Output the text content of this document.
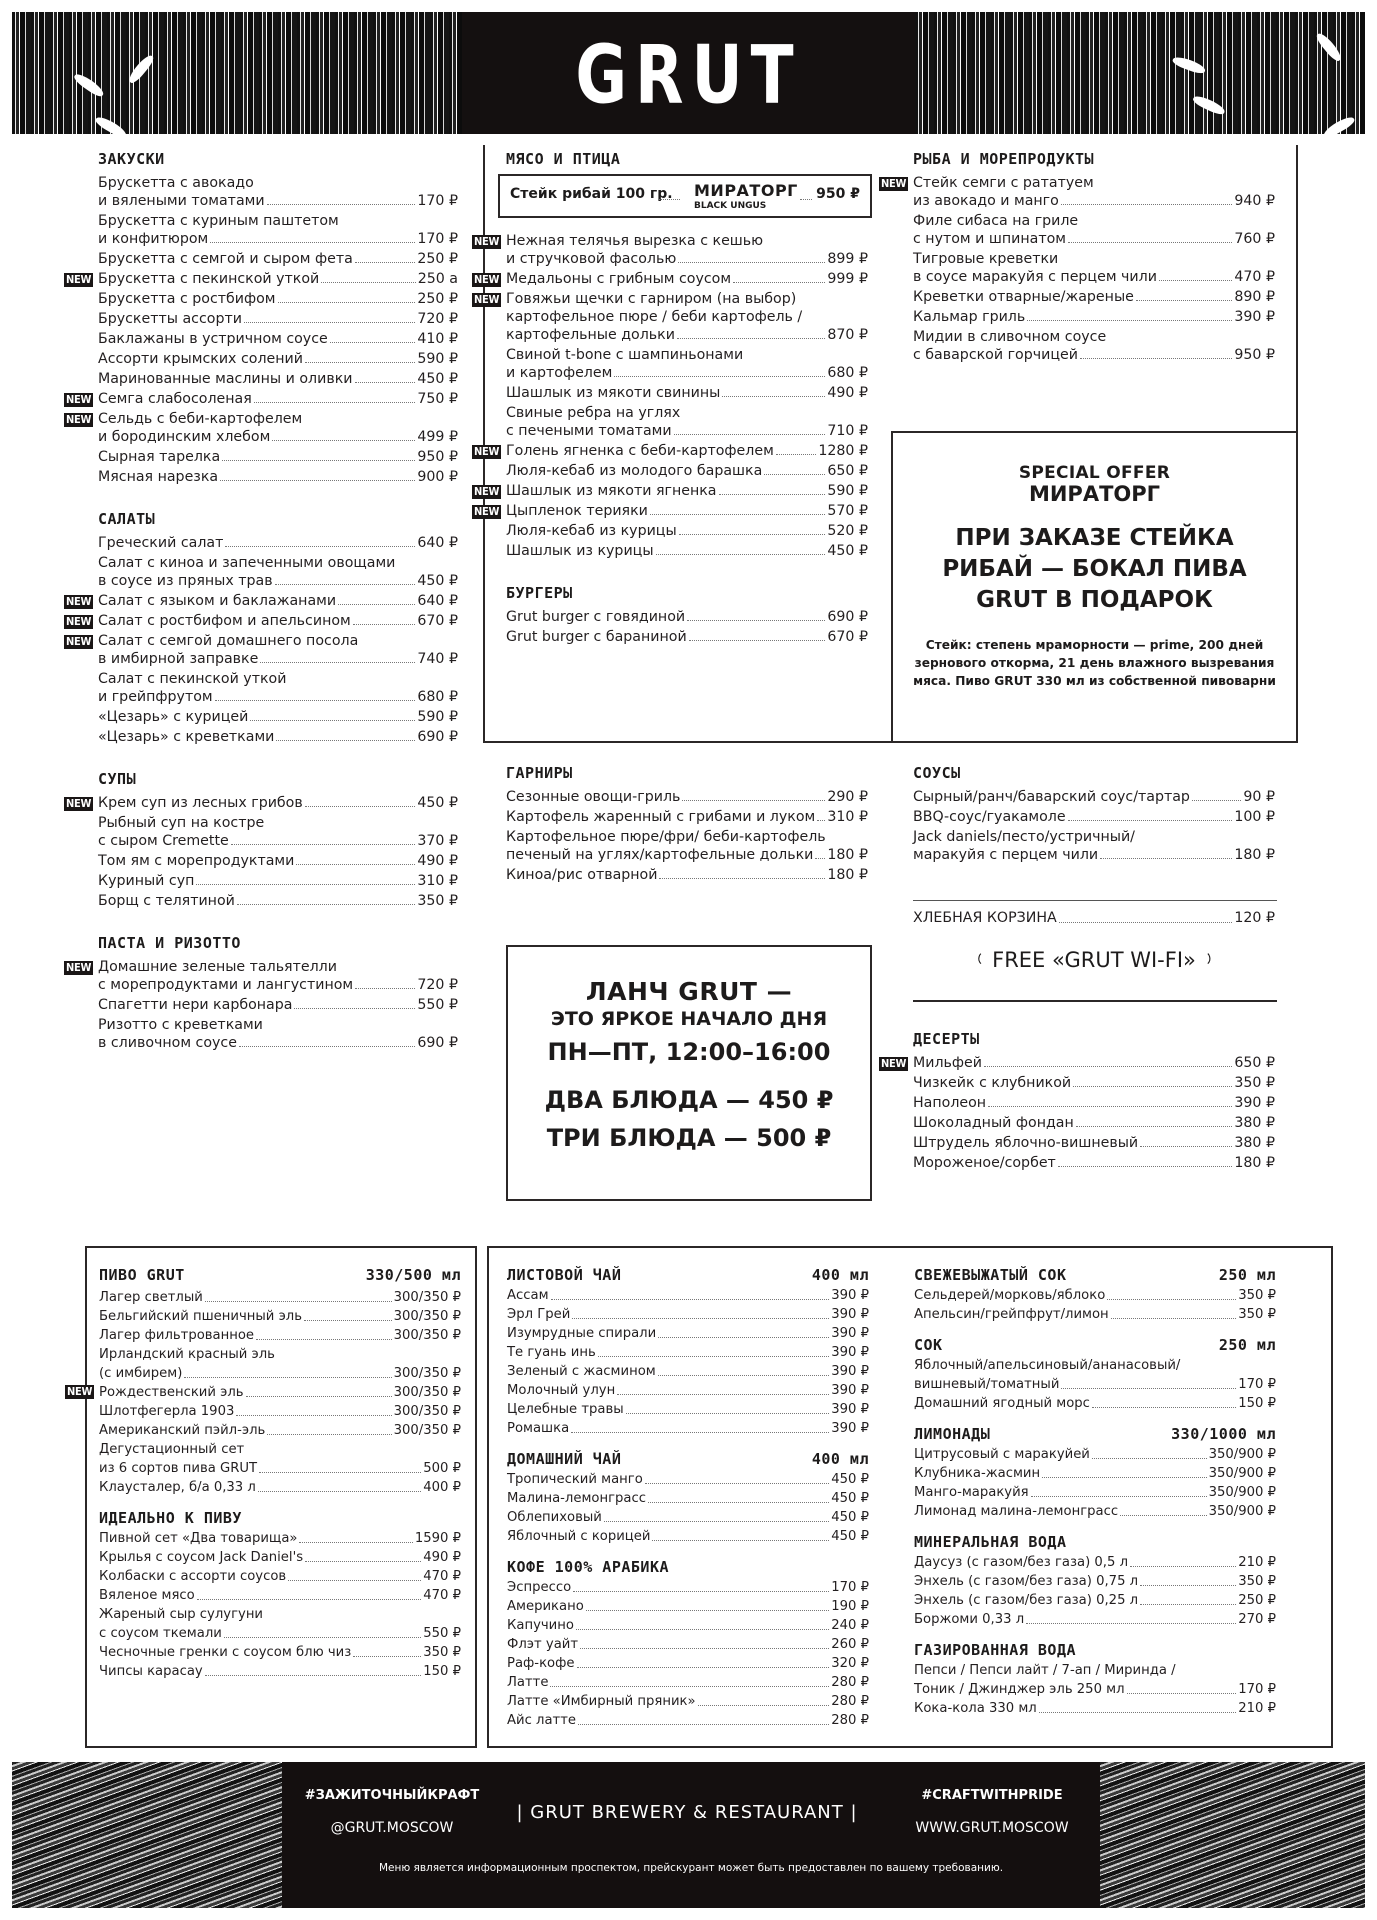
GRUT
ЗАКУСКИ
Брускетта с авокадо
и вялеными томатами	170 ₽
Брускетта с куриным паштетом
и конфитюром	170 ₽
Брускетта с семгой и сыром фета	250 ₽
NEW Брускетта с пекинской уткой	250 а
Брускетта с ростбифом	250 ₽
Брускетты ассорти	720 ₽
Баклажаны в устричном соусе	410 ₽
Ассорти крымских солений	590 ₽
Маринованные маслины и оливки	450 ₽
NEW Семга слабосоленая	750 ₽
NEW Сельдь с беби-картофелем
и бородинским хлебом	499 ₽
Сырная тарелка	950 ₽
Мясная нарезка	900 ₽
САЛАТЫ
Греческий салат	640 ₽
Салат с киноа и запеченными овощами
в соусе из пряных трав	450 ₽
NEW Салат с языком и баклажанами	640 ₽
NEW Салат с ростбифом и апельсином	670 ₽
NEW Салат с семгой домашнего посола
в имбирной заправке	740 ₽
Салат с пекинской уткой
и грейпфрутом	680 ₽
«Цезарь» с курицей	590 ₽
«Цезарь» с креветками	690 ₽
СУПЫ
NEW Крем суп из лесных грибов	450 ₽
Рыбный суп на костре
с сыром Cremette	370 ₽
Том ям с морепродуктами	490 ₽
Куриный суп	310 ₽
Борщ с телятиной	350 ₽
ПАСТА И РИЗОТТО
NEW Домашние зеленые тальятелли
с морепродуктами и лангустином	720 ₽
Спагетти нери карбонара	550 ₽
Ризотто с креветками
в сливочном соусе	690 ₽
МЯСО И ПТИЦА
Стейк рибай 100 гр. МИРАТОРГ
BLACK UNGUS
950 ₽
NEW Нежная телячья вырезка с кешью
и стручковой фасолью	899 ₽
NEW Медальоны с грибным соусом	999 ₽
NEW Говяжьи щечки с гарниром (на выбор)
картофельное пюре / беби картофель /
картофельные дольки	870 ₽
Свиной t-bone с шампиньонами
и картофелем	680 ₽
Шашлык из мякоти свинины	490 ₽
Свиные ребра на углях
с печеными томатами	710 ₽
NEW Голень ягненка с беби-картофелем	1280 ₽
Люля-кебаб из молодого барашка	650 ₽
NEW Шашлык из мякоти ягненка	590 ₽
NEW Цыпленок терияки	570 ₽
Люля-кебаб из курицы	520 ₽
Шашлык из курицы	450 ₽
БУРГЕРЫ
Grut burger с говядиной	690 ₽
Grut burger с бараниной	670 ₽
ГАРНИРЫ
Сезонные овощи-гриль	290 ₽
Картофель жаренный с грибами и луком 310 ₽
Картофельное пюре/фри/ беби-картофель
печеный на углях/картофельные дольки 180 ₽
Киноа/рис отварной	180 ₽
ЛАНЧ GRUT —
ЭТО ЯРКОЕ НАЧАЛО ДНЯ
ПН—ПТ, 12:00–16:00
ДВА БЛЮДА — 450 ₽
ТРИ БЛЮДА — 500 ₽
РЫБА И МОРЕПРОДУКТЫ
NEW Стейк семги с рататуем
из авокадо и манго	940 ₽
Филе сибаса на гриле
с нутом и шпинатом	760 ₽
Тигровые креветки
в соусе маракуйя с перцем чили	470 ₽
Креветки отварные/жареные	890 ₽
Кальмар гриль	390 ₽
Мидии в сливочном соусе
с баварской горчицей	950 ₽
SPECIAL OFFER
МИРАТОРГ
ПРИ ЗАКАЗЕ СТЕЙКА
РИБАЙ — БОКАЛ ПИВА
GRUT В ПОДАРОК
Стейк: степень мраморности — prime, 200 дней
зернового откорма, 21 день влажного вызревания
мяса. Пиво GRUT 330 мл из собственной пивоварни
СОУСЫ
Сырный/ранч/баварский соус/тартар	90 ₽
BBQ-соус/гуакамоле	100 ₽
Jack daniels/песто/устричный/
маракуйя с перцем чили	180 ₽
ХЛЕБНАЯ КОРЗИНА	120 ₽
◜ FREE «GRUT WI-FI» ◝
ДЕСЕРТЫ
NEW Мильфей	650 ₽
Чизкейк с клубникой	350 ₽
Наполеон	390 ₽
Шоколадный фондан	380 ₽
Штрудель яблочно-вишневый	380 ₽
Мороженое/сорбет	180 ₽
ПИВО GRUT	330/500 мл
Лагер светлый	300/350 ₽
Бельгийский пшеничный эль	300/350 ₽
Лагер фильтрованное	300/350 ₽
Ирландский красный эль
(с имбирем)	300/350 ₽
NEW Рождественский эль	300/350 ₽
Шлотфегерла 1903	300/350 ₽
Американский пэйл-эль	300/350 ₽
Дегустационный сет
из 6 сортов пива GRUT	500 ₽
Клаусталер, б/а 0,33 л	400 ₽
ИДЕАЛЬНО К ПИВУ
Пивной сет «Два товарища»	1590 ₽
Крылья с соусом Jack Daniel's	490 ₽
Колбаски с ассорти соусов	470 ₽
Вяленое мясо	470 ₽
Жареный сыр сулугуни
с соусом ткемали	550 ₽
Чесночные гренки с соусом блю чиз	350 ₽
Чипсы карасау	150 ₽
ЛИСТОВОЙ ЧАЙ	400 мл
Ассам	390 ₽
Эрл Грей	390 ₽
Изумрудные спирали	390 ₽
Те гуань инь	390 ₽
Зеленый с жасмином	390 ₽
Молочный улун	390 ₽
Целебные травы	390 ₽
Ромашка	390 ₽
ДОМАШНИЙ ЧАЙ	400 мл
Тропический манго	450 ₽
Малина-лемонграсс	450 ₽
Облепиховый	450 ₽
Яблочный с корицей	450 ₽
КОФЕ 100% АРАБИКА
Эспрессо	170 ₽
Американо	190 ₽
Капучино	240 ₽
Флэт уайт	260 ₽
Раф-кофе	320 ₽
Латте	280 ₽
Латте «Имбирный пряник»	280 ₽
Айс латте	280 ₽
СВЕЖЕВЫЖАТЫЙ СОК	250 мл
Сельдерей/морковь/яблоко	350 ₽
Апельсин/грейпфрут/лимон	350 ₽
СОК	250 мл
Яблочный/апельсиновый/ананасовый/
вишневый/томатный	170 ₽
Домашний ягодный морс	150 ₽
ЛИМОНАДЫ	330/1000 мл
Цитрусовый с маракуйей	350/900 ₽
Клубника-жасмин	350/900 ₽
Манго-маракуйя	350/900 ₽
Лимонад малина-лемонграсс	350/900 ₽
МИНЕРАЛЬНАЯ ВОДА
Даусуз (с газом/без газа) 0,5 л	210 ₽
Энхель (с газом/без газа) 0,75 л	350 ₽
Энхель (с газом/без газа) 0,25 л	250 ₽
Боржоми 0,33 л	270 ₽
ГАЗИРОВАННАЯ ВОДА
Пепси / Пепси лайт / 7-ап / Миринда /
Тоник / Джинджер эль 250 мл	170 ₽
Кока-кола 330 мл	210 ₽
#ЗАЖИТОЧНЫЙКРАФТ
@GRUT.MOSCOW
| GRUT BREWERY & RESTAURANT |
#CRAFTWITHPRIDE
WWW.GRUT.MOSCOW
Меню является информационным проспектом, прейскурант может быть предоставлен по вашему требованию.
